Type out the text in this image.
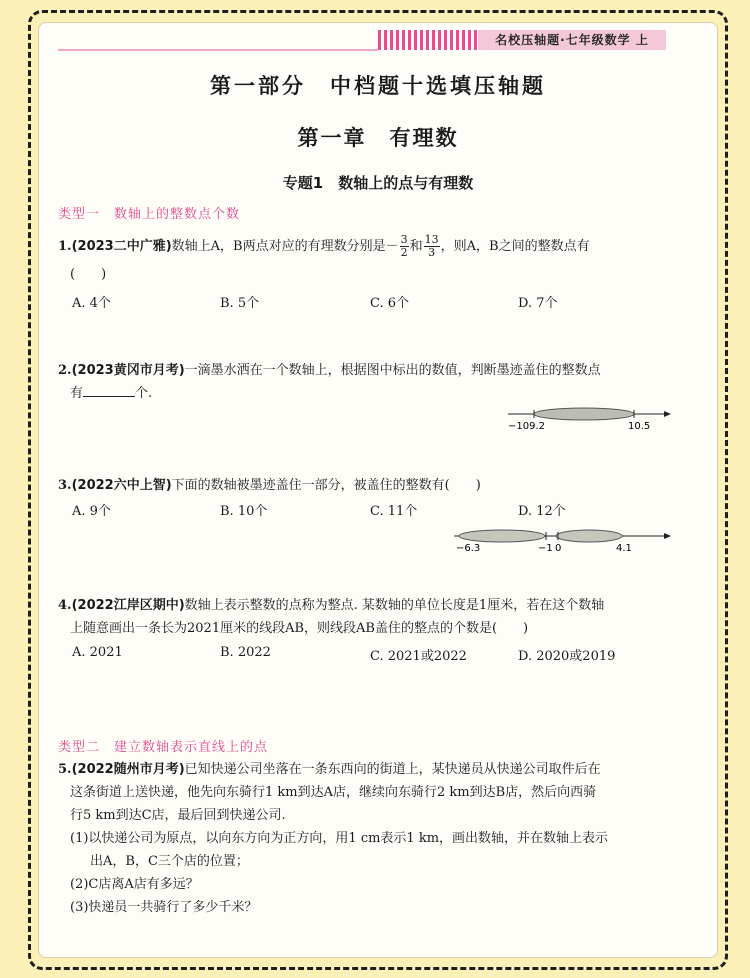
名校压轴题·七年级数学 上
第一部分　中档题十选填压轴题
第一章　有理数
专题1　数轴上的点与有理数
类型一　数轴上的整数点个数
1.(2023二中广雅)数轴上A，B两点对应的有理数分别是－ $\frac{3}{2}$ 和 $\frac{13}{3}$ ，则A，B之间的整数点有
(　　)
A. 4个	B. 5个	C. 6个	D. 7个
2.(2023黄冈市月考)一滴墨水洒在一个数轴上，根据图中标出的数值，判断墨迹盖住的整数点
有	个.
−109.2	10.5
3.(2022六中上智)下面的数轴被墨迹盖住一部分，被盖住的整数有(　　)
A. 9个	B. 10个	C. 11个	D. 12个
−6.3	−1 0	4.1
4.(2022江岸区期中)数轴上表示整数的点称为整点. 某数轴的单位长度是1厘米，若在这个数轴
上随意画出一条长为2021厘米的线段AB，则线段AB盖住的整点的个数是(　　)
A. 2021	B. 2022	C. 2021或2022	D. 2020或2019
类型二　建立数轴表示直线上的点
5.(2022随州市月考)已知快递公司坐落在一条东西向的街道上，某快递员从快递公司取件后在
这条街道上送快递，他先向东骑行1 km到达A店，继续向东骑行2 km到达B店，然后向西骑
行5 km到达C店，最后回到快递公司.
(1)以快递公司为原点，以向东方向为正方向，用1 cm表示1 km，画出数轴，并在数轴上表示
出A，B，C三个店的位置；
(2)C店离A店有多远？
(3)快递员一共骑行了多少千米？
